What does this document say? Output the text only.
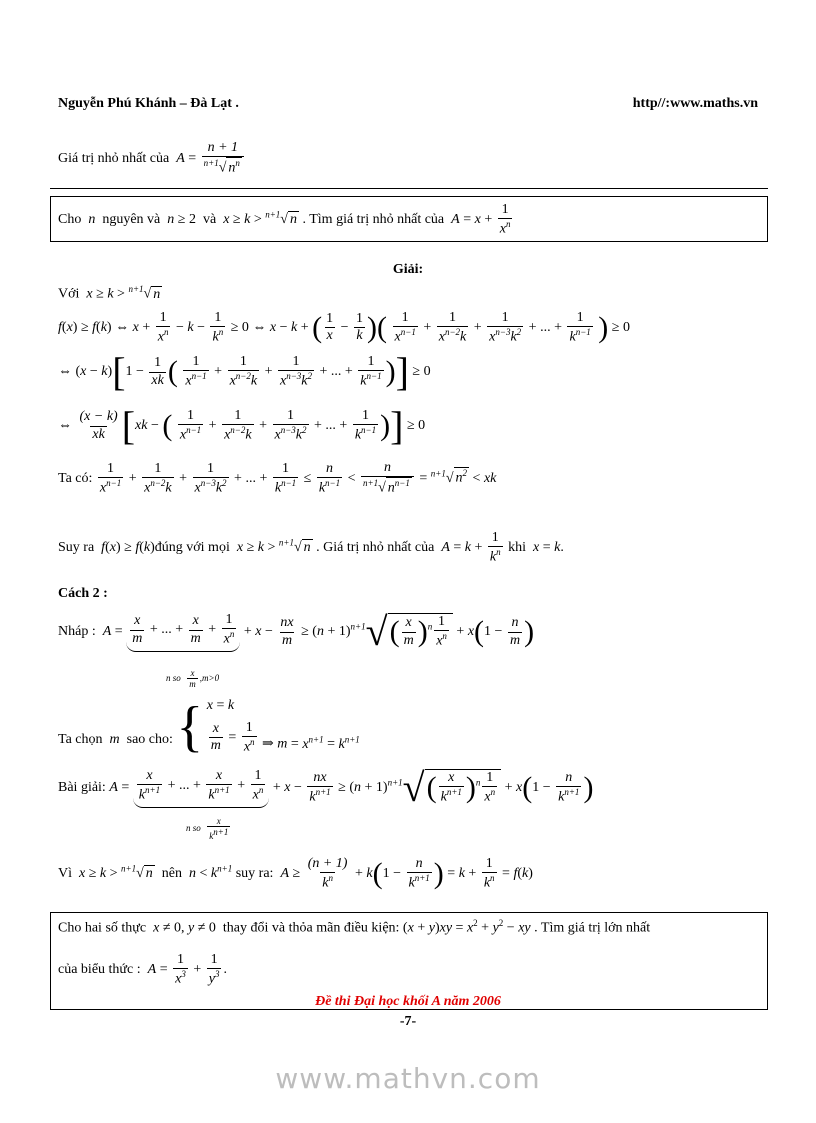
Nguyễn Phú Khánh – Đà Lạt .	http//:www.maths.vn
Giá trị nhỏ nhất của  $A = \frac{n + 1}{^{n+1}√ n^n}$
Cho  n  nguyên và  n ≥ 2  và  x ≥ k > $^{n+1}$√ n . Tìm giá trị nhỏ nhất của  $A = x + \frac{1}{x^n}$
Giải:
Với  x ≥ k > $^{n+1}$√ n
f(x) ≥ f(k) ⇔ $x + \frac{1}{x^n} - k - \frac{1}{k^n} \ge 0$ ⇔ x − k + ( $\frac{1}{x} - \frac{1}{k}$ )( $\frac{1}{x^{n-1}} + \frac{1}{x^{n-2}k} + \frac{1}{x^{n-3}k^2}$ + ... + $\frac{1}{k^{n-1}}$ ) ≥ 0
⇔ $(x - k)[1 - \frac{1}{xk}$ ( $\frac{1}{x^{n-1}} + \frac{1}{x^{n-2}k} + \frac{1}{x^{n-3}k^2}$ + ... + $\frac{1}{k^{n-1}}$ )] ≥ 0
⇔ $\frac{(x - k)}{xk} [xk$ − ( $\frac{1}{x^{n-1}} + \frac{1}{x^{n-2}k} + \frac{1}{x^{n-3}k^2}$ + ... + $\frac{1}{k^{n-1}}$ )] ≥ 0
Ta có: $\frac{1}{x^{n-1}} + \frac{1}{x^{n-2}k} + \frac{1}{x^{n-3}k^2}$ + ... + $\frac{1}{k^{n-1}} \le \frac{n}{k^{n-1}} < \frac{n}{^{n+1}√ n^{n-1}} = ^{n+1}√$ $n^2$ < xk
Suy ra  f(x) ≥ f(k)đúng với mọi  x ≥ k > $^{n+1}$√ n . Giá trị nhỏ nhất của  $A = k + \frac{1}{k^n}$ khi  x = k.
Cách 2 :
Nháp :  $A = \frac{x}{m}$ + ... + $\frac{x}{m} + \frac{1}{x^n} + x - \frac{nx}{m} \ge (n + 1)^{n+1}√( \frac{x}{m} )^n \frac{1}{x^n} + x(1 - \frac{n}{m}$ )
n so $\frac{x}{m} ,m>0$
Ta chọn  m  sao cho: { x = k
$\frac{x}{m} = \frac{1}{x^n}$ ⇒ $m = x^{n+1} = k^{n+1}$
Bài giải: $A = \frac{x}{k^{n+1}}$ + ... + $\frac{x}{k^{n+1}} + \frac{1}{x^n} + x - \frac{nx}{k^{n+1}} \ge (n + 1)^{n+1}√( \frac{x}{k^{n+1}} )^n \frac{1}{x^n} + x(1 - \frac{n}{k^{n+1}}$ )
n so $\frac{x}{k^{n+1}}$
Vì  x ≥ k > $^{n+1}$√ n nên  $n < k^{n+1}$ suy ra:  $A \ge \frac{(n + 1)}{k^n} + k(1 - \frac{n}{k^{n+1}}$ ) = $k + \frac{1}{k^n} = f(k)$
Cho hai số thực  x ≠ 0, y ≠ 0  thay đổi và thỏa mãn điều kiện: $(x + y)xy = x^2 + y^2$ − xy . Tìm giá trị lớn nhất
của biểu thức :  $A = \frac{1}{x^3} + \frac{1}{y^3}$ .
Đề thi Đại học khối A năm 2006
-7-
www.mathvn.com
